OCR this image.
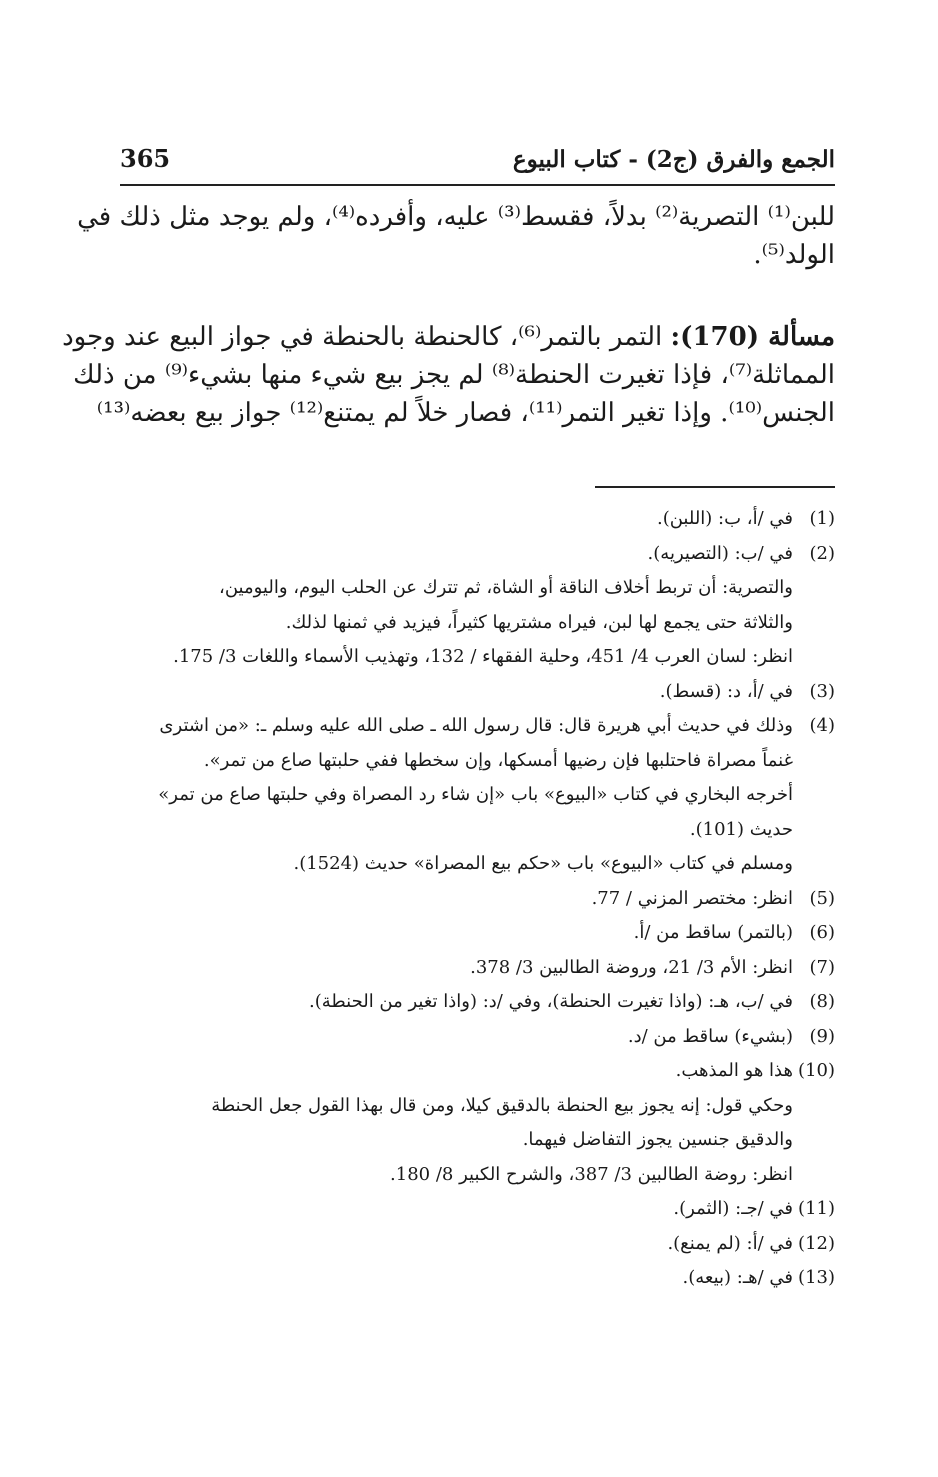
الجمع والفرق (ج2) - كتاب البيوع
365
للبن⁽¹⁾ التصرية⁽²⁾ بدلاً، فقسط⁽³⁾ عليه، وأفرده⁽⁴⁾، ولم يوجد مثل ذلك في
الولد⁽⁵⁾.
مسألة (170): التمر بالتمر⁽⁶⁾، كالحنطة بالحنطة في جواز البيع عند وجود
المماثلة⁽⁷⁾، فإذا تغيرت الحنطة⁽⁸⁾ لم يجز بيع شيء منها بشيء⁽⁹⁾ من ذلك
الجنس⁽¹⁰⁾. وإذا تغير التمر⁽¹¹⁾، فصار خلاً لم يمتنع⁽¹²⁾ جواز بيع بعضه⁽¹³⁾
(1)
في /أ، ب: (اللبن).
(2)
في /ب: (التصيريه).
والتصرية: أن تربط أخلاف الناقة أو الشاة، ثم تترك عن الحلب اليوم، واليومين،
والثلاثة حتى يجمع لها لبن، فيراه مشتريها كثيراً، فيزيد في ثمنها لذلك.
انظر: لسان العرب 4/ 451، وحلية الفقهاء / 132، وتهذيب الأسماء واللغات 3/ 175.
(3)
في /أ، د: (قسط).
(4)
وذلك في حديث أبي هريرة قال: قال رسول الله ـ صلى الله عليه وسلم ـ: «من اشترى
غنماً مصراة فاحتلبها فإن رضيها أمسكها، وإن سخطها ففي حلبتها صاع من تمر».
أخرجه البخاري في كتاب «البيوع» باب «إن شاء رد المصراة وفي حلبتها صاع من تمر»
حديث (101).
ومسلم في كتاب «البيوع» باب «حكم بيع المصراة» حديث (1524).
(5)
انظر: مختصر المزني / 77.
(6)
(بالتمر) ساقط من /أ.
(7)
انظر: الأم 3/ 21، وروضة الطالبين 3/ 378.
(8)
في /ب، هـ: (واذا تغيرت الحنطة)، وفي /د: (واذا تغير من الحنطة).
(9)
(بشيء) ساقط من /د.
(10)
هذا هو المذهب.
وحكي قول: إنه يجوز بيع الحنطة بالدقيق كيلا، ومن قال بهذا القول جعل الحنطة
والدقيق جنسين يجوز التفاضل فيهما.
انظر: روضة الطالبين 3/ 387، والشرح الكبير 8/ 180.
(11)
في /جـ: (الثمر).
(12)
في /أ: (لم يمنع).
(13)
في /هـ: (بيعه).
